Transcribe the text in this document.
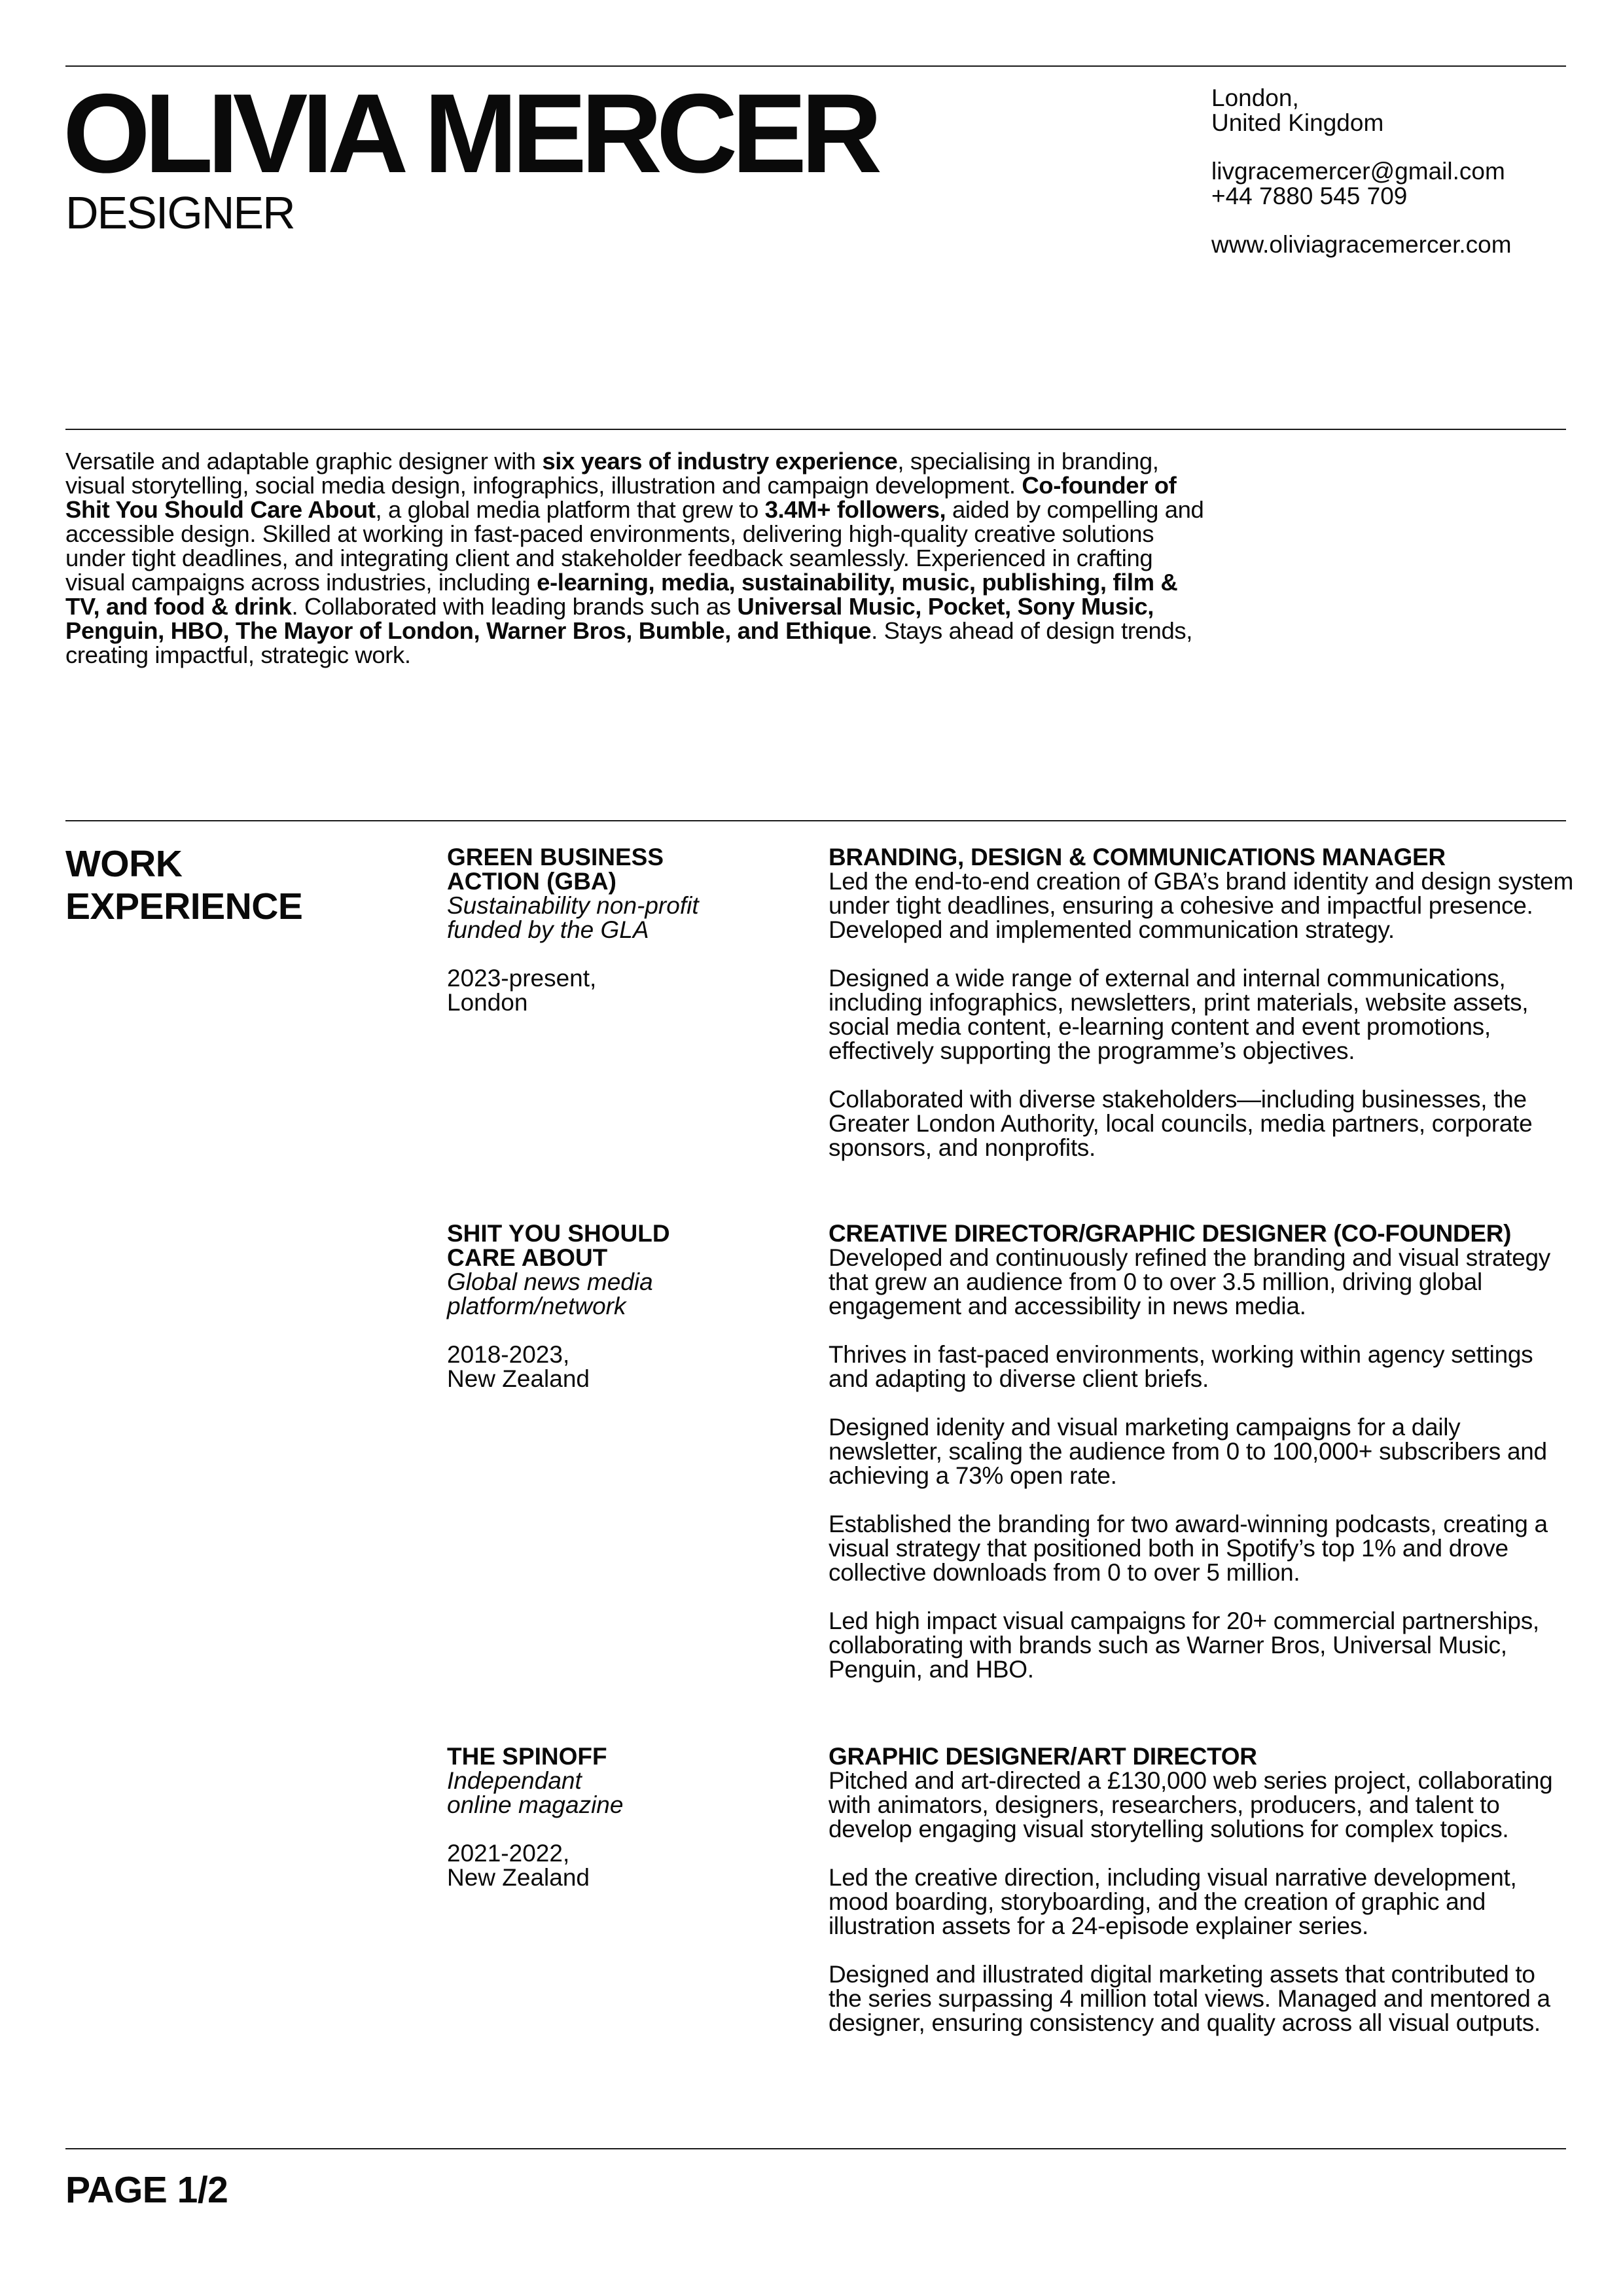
OLIVIA MERCER
DESIGNER
London,
United Kingdom
livgracemercer@gmail.com
+44 7880 545 709
www.oliviagracemercer.com

Versatile and adaptable graphic designer with six years of industry experience, specialising in branding, visual storytelling, social media design, infographics, illustration and campaign development. Co-founder of Shit You Should Care About, a global media platform that grew to 3.4M+ followers, aided by compelling and accessible design. Skilled at working in fast-paced environments, delivering high-quality creative solutions under tight deadlines, and integrating client and stakeholder feedback seamlessly. Experienced in crafting visual campaigns across industries, including e-learning, media, sustainability, music, publishing, film & TV, and food & drink. Collaborated with leading brands such as Universal Music, Pocket, Sony Music, Penguin, HBO, The Mayor of London, Warner Bros, Bumble, and Ethique. Stays ahead of design trends, creating impactful, strategic work.

WORK
EXPERIENCE
GREEN BUSINESS
ACTION (GBA)
Sustainability non-profit
funded by the GLA
2023-present,
London
BRANDING, DESIGN & COMMUNICATIONS MANAGER

Led the end-to-end creation of GBA’s brand identity and design system under tight deadlines, ensuring a cohesive and impactful presence. Developed and implemented communication strategy.

Designed a wide range of external and internal communications, including infographics, newsletters, print materials, website assets, social media content, e-learning content and event promotions, effectively supporting the programme’s objectives.

Collaborated with diverse stakeholders—including businesses, the Greater London Authority, local councils, media partners, corporate sponsors, and nonprofits.

SHIT YOU SHOULD
CARE ABOUT
Global news media
platform/network
2018-2023,
New Zealand
CREATIVE DIRECTOR/GRAPHIC DESIGNER (CO-FOUNDER)

Developed and continuously refined the branding and visual strategy that grew an audience from 0 to over 3.5 million, driving global engagement and accessibility in news media.

Thrives in fast-paced environments, working within agency settings and adapting to diverse client briefs.

Designed idenity and visual marketing campaigns for a daily newsletter, scaling the audience from 0 to 100,000+ subscribers and achieving a 73% open rate.

Established the branding for two award-winning podcasts, creating a visual strategy that positioned both in Spotify’s top 1% and drove collective downloads from 0 to over 5 million.

Led high impact visual campaigns for 20+ commercial partnerships, collaborating with brands such as Warner Bros, Universal Music, Penguin, and HBO.

THE SPINOFF
Independant
online magazine
2021-2022,
New Zealand
GRAPHIC DESIGNER/ART DIRECTOR

Pitched and art-directed a £130,000 web series project, collaborating with animators, designers, researchers, producers, and talent to develop engaging visual storytelling solutions for complex topics.

Led the creative direction, including visual narrative development, mood boarding, storyboarding, and the creation of graphic and illustration assets for a 24-episode explainer series.

Designed and illustrated digital marketing assets that contributed to the series surpassing 4 million total views. Managed and mentored a designer, ensuring consistency and quality across all visual outputs.

PAGE 1/2
